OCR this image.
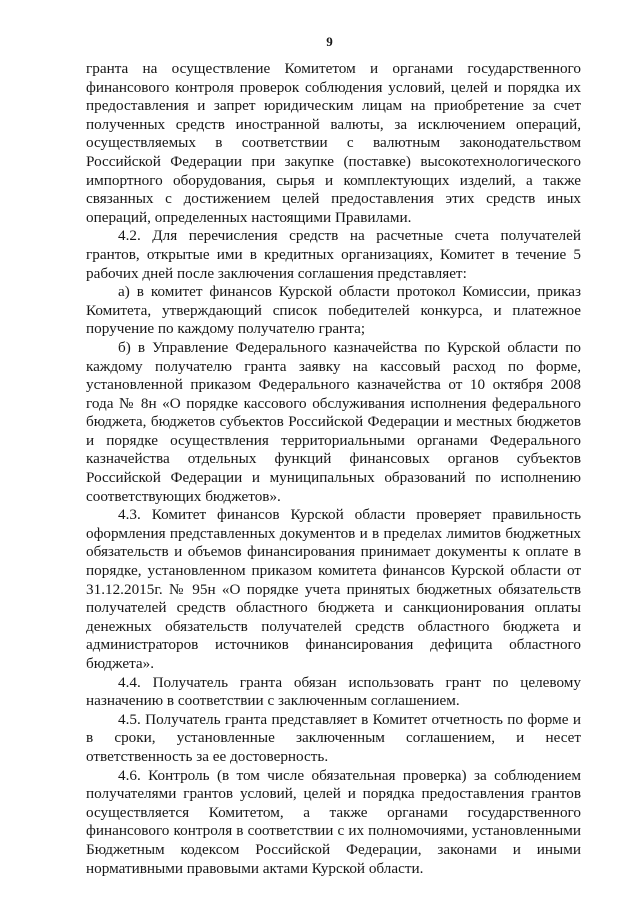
9

гранта на осуществление Комитетом и органами государственного финансового контроля проверок соблюдения условий, целей и порядка их предоставления и запрет юридическим лицам на приобретение за счет полученных средств иностранной валюты, за исключением операций, осуществляемых в соответствии с валютным законодательством Российской Федерации при закупке (поставке) высокотехнологического импортного оборудования, сырья и комплектующих изделий, а также связанных с достижением целей предоставления этих средств иных операций, определенных настоящими Правилами.

4.2. Для перечисления средств на расчетные счета получателей грантов, открытые ими в кредитных организациях, Комитет в течение 5 рабочих дней после заключения соглашения представляет:

а) в комитет финансов Курской области протокол Комиссии, приказ Комитета, утверждающий список победителей конкурса, и платежное поручение по каждому получателю гранта;

б) в Управление Федерального казначейства по Курской области по каждому получателю гранта заявку на кассовый расход по форме, установленной приказом Федерального казначейства от 10 октября 2008 года № 8н «О порядке кассового обслуживания исполнения федерального бюджета, бюджетов субъектов Российской Федерации и местных бюджетов и порядке осуществления территориальными органами Федерального казначейства отдельных функций финансовых органов субъектов Российской Федерации и муниципальных образований по исполнению соответствующих бюджетов».

4.3. Комитет финансов Курской области проверяет правильность оформления представленных документов и в пределах лимитов бюджетных обязательств и объемов финансирования принимает документы к оплате в порядке, установленном приказом комитета финансов Курской области от 31.12.2015г. № 95н «О порядке учета принятых бюджетных обязательств получателей средств областного бюджета и санкционирования оплаты денежных обязательств получателей средств областного бюджета и администраторов источников финансирования дефицита областного бюджета».

4.4. Получатель гранта обязан использовать грант по целевому назначению в соответствии с заключенным соглашением.

4.5. Получатель гранта представляет в Комитет отчетность по форме и в сроки, установленные заключенным соглашением, и несет ответственность за ее достоверность.

4.6. Контроль (в том числе обязательная проверка) за соблюдением получателями грантов условий, целей и порядка предоставления грантов осуществляется Комитетом, а также органами государственного финансового контроля в соответствии с их полномочиями, установленными Бюджетным кодексом Российской Федерации, законами и иными нормативными правовыми актами Курской области.
